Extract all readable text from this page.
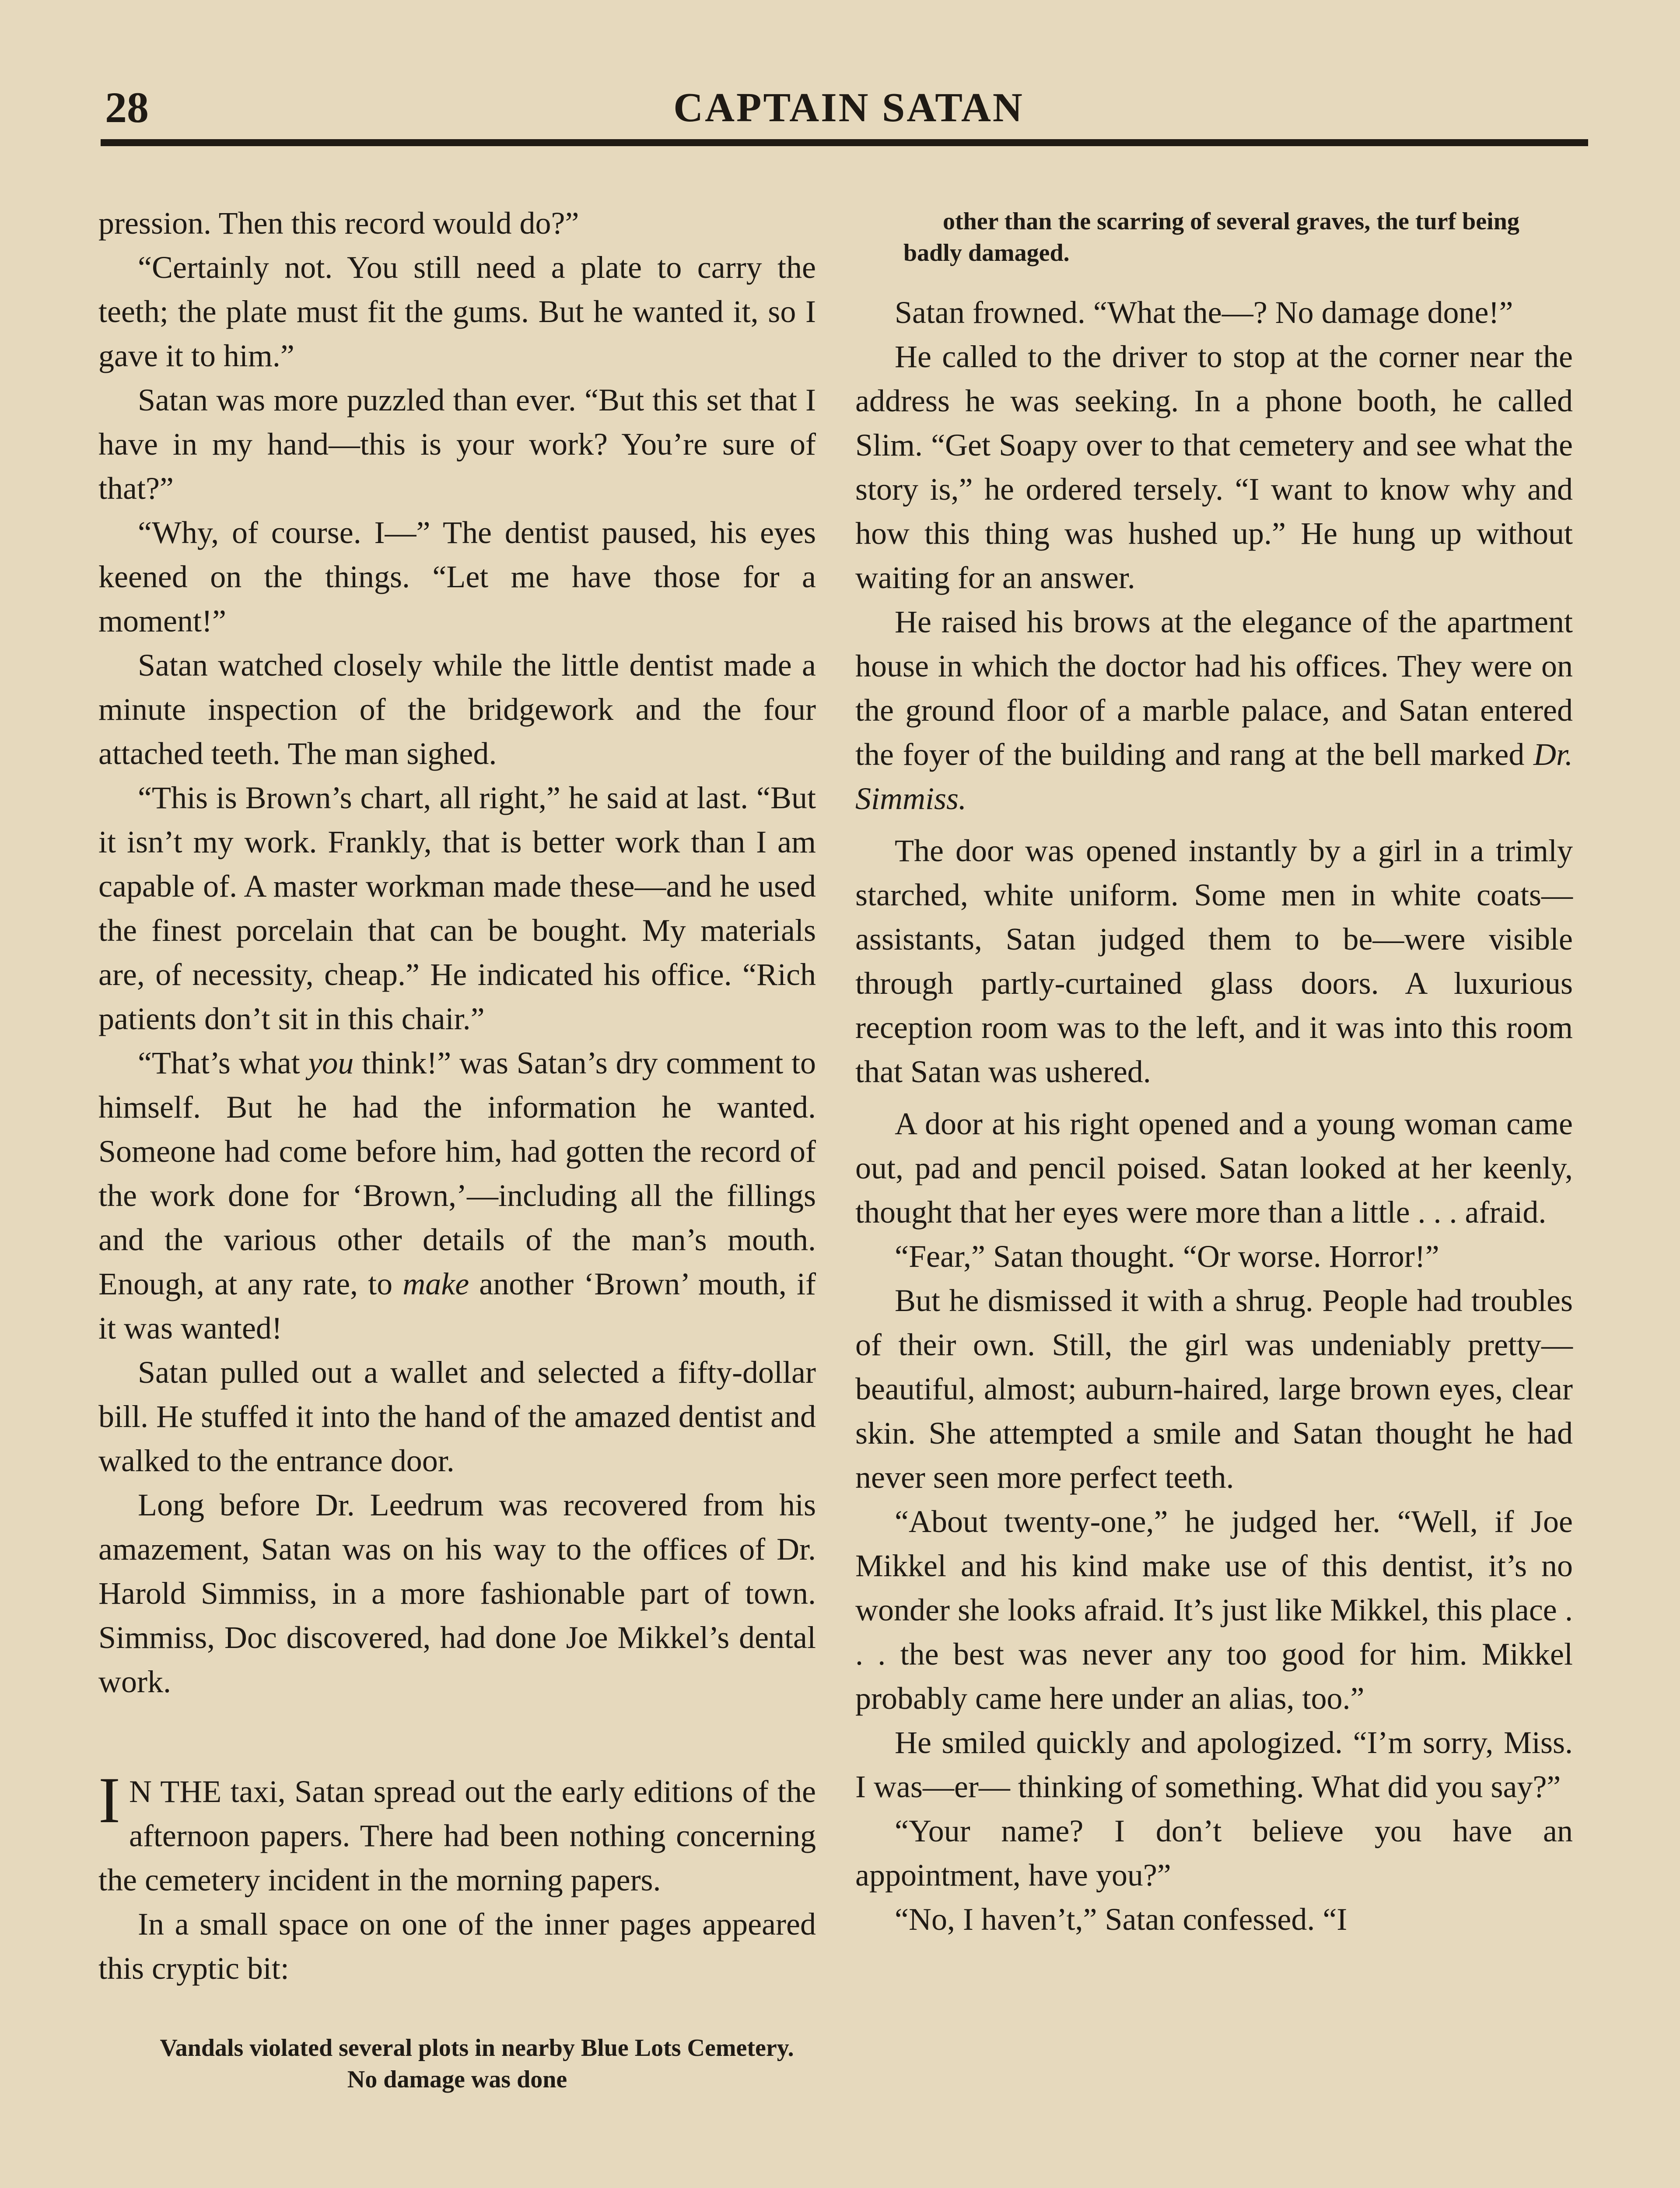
28	CAPTAIN SATAN

pression. Then this record would do?”

“Certainly not. You still need a plate to carry the teeth; the plate must fit the gums. But he wanted it, so I gave it to him.”

Satan was more puzzled than ever. “But this set that I have in my hand—this is your work? You’re sure of that?”

“Why, of course. I—” The dentist paused, his eyes keened on the things. “Let me have those for a moment!”

Satan watched closely while the little dentist made a minute inspection of the bridgework and the four attached teeth. The man sighed.

“This is Brown’s chart, all right,” he said at last. “But it isn’t my work. Frankly, that is better work than I am capable of. A master workman made these—and he used the finest porcelain that can be bought. My materials are, of necessity, cheap.” He indicated his office. “Rich patients don’t sit in this chair.”

“That’s what you think!” was Satan’s dry comment to himself. But he had the information he wanted. Someone had come before him, had gotten the record of the work done for ‘Brown,’—including all the fillings and the various other details of the man’s mouth. Enough, at any rate, to make another ‘Brown’ mouth, if it was wanted!

Satan pulled out a wallet and selected a fifty-dollar bill. He stuffed it into the hand of the amazed dentist and walked to the entrance door.

Long before Dr. Leedrum was recovered from his amazement, Satan was on his way to the offices of Dr. Harold Simmiss, in a more fashionable part of town. Simmiss, Doc discovered, had done Joe Mikkel’s dental work.

I N THE taxi, Satan spread out the early editions of the afternoon papers. There had been nothing concerning the cemetery incident in the morning papers.

In a small space on one of the inner pages appeared this cryptic bit:

Vandals violated several plots in nearby Blue Lots Cemetery. No damage was done

other than the scarring of several graves, the turf being badly damaged.

Satan frowned. “What the—? No damage done!”

He called to the driver to stop at the corner near the address he was seeking. In a phone booth, he called Slim. “Get Soapy over to that cemetery and see what the story is,” he ordered tersely. “I want to know why and how this thing was hushed up.” He hung up without waiting for an answer.

He raised his brows at the elegance of the apartment house in which the doctor had his offices. They were on the ground floor of a marble palace, and Satan entered the foyer of the building and rang at the bell marked Dr. Simmiss.

The door was opened instantly by a girl in a trimly starched, white uniform. Some men in white coats—assistants, Satan judged them to be—were visible through partly-curtained glass doors. A luxurious reception room was to the left, and it was into this room that Satan was ushered.

A door at his right opened and a young woman came out, pad and pencil poised. Satan looked at her keenly, thought that her eyes were more than a little . . . afraid.

“Fear,” Satan thought. “Or worse. Horror!”

But he dismissed it with a shrug. People had troubles of their own. Still, the girl was undeniably pretty—beautiful, almost; auburn-haired, large brown eyes, clear skin. She attempted a smile and Satan thought he had never seen more perfect teeth.

“About twenty-one,” he judged her. “Well, if Joe Mikkel and his kind make use of this dentist, it’s no wonder she looks afraid. It’s just like Mikkel, this place . . . the best was never any too good for him. Mikkel probably came here under an alias, too.”

He smiled quickly and apologized. “I’m sorry, Miss. I was—er— thinking of something. What did you say?”

“Your name? I don’t believe you have an appointment, have you?”

“No, I haven’t,” Satan confessed. “I
